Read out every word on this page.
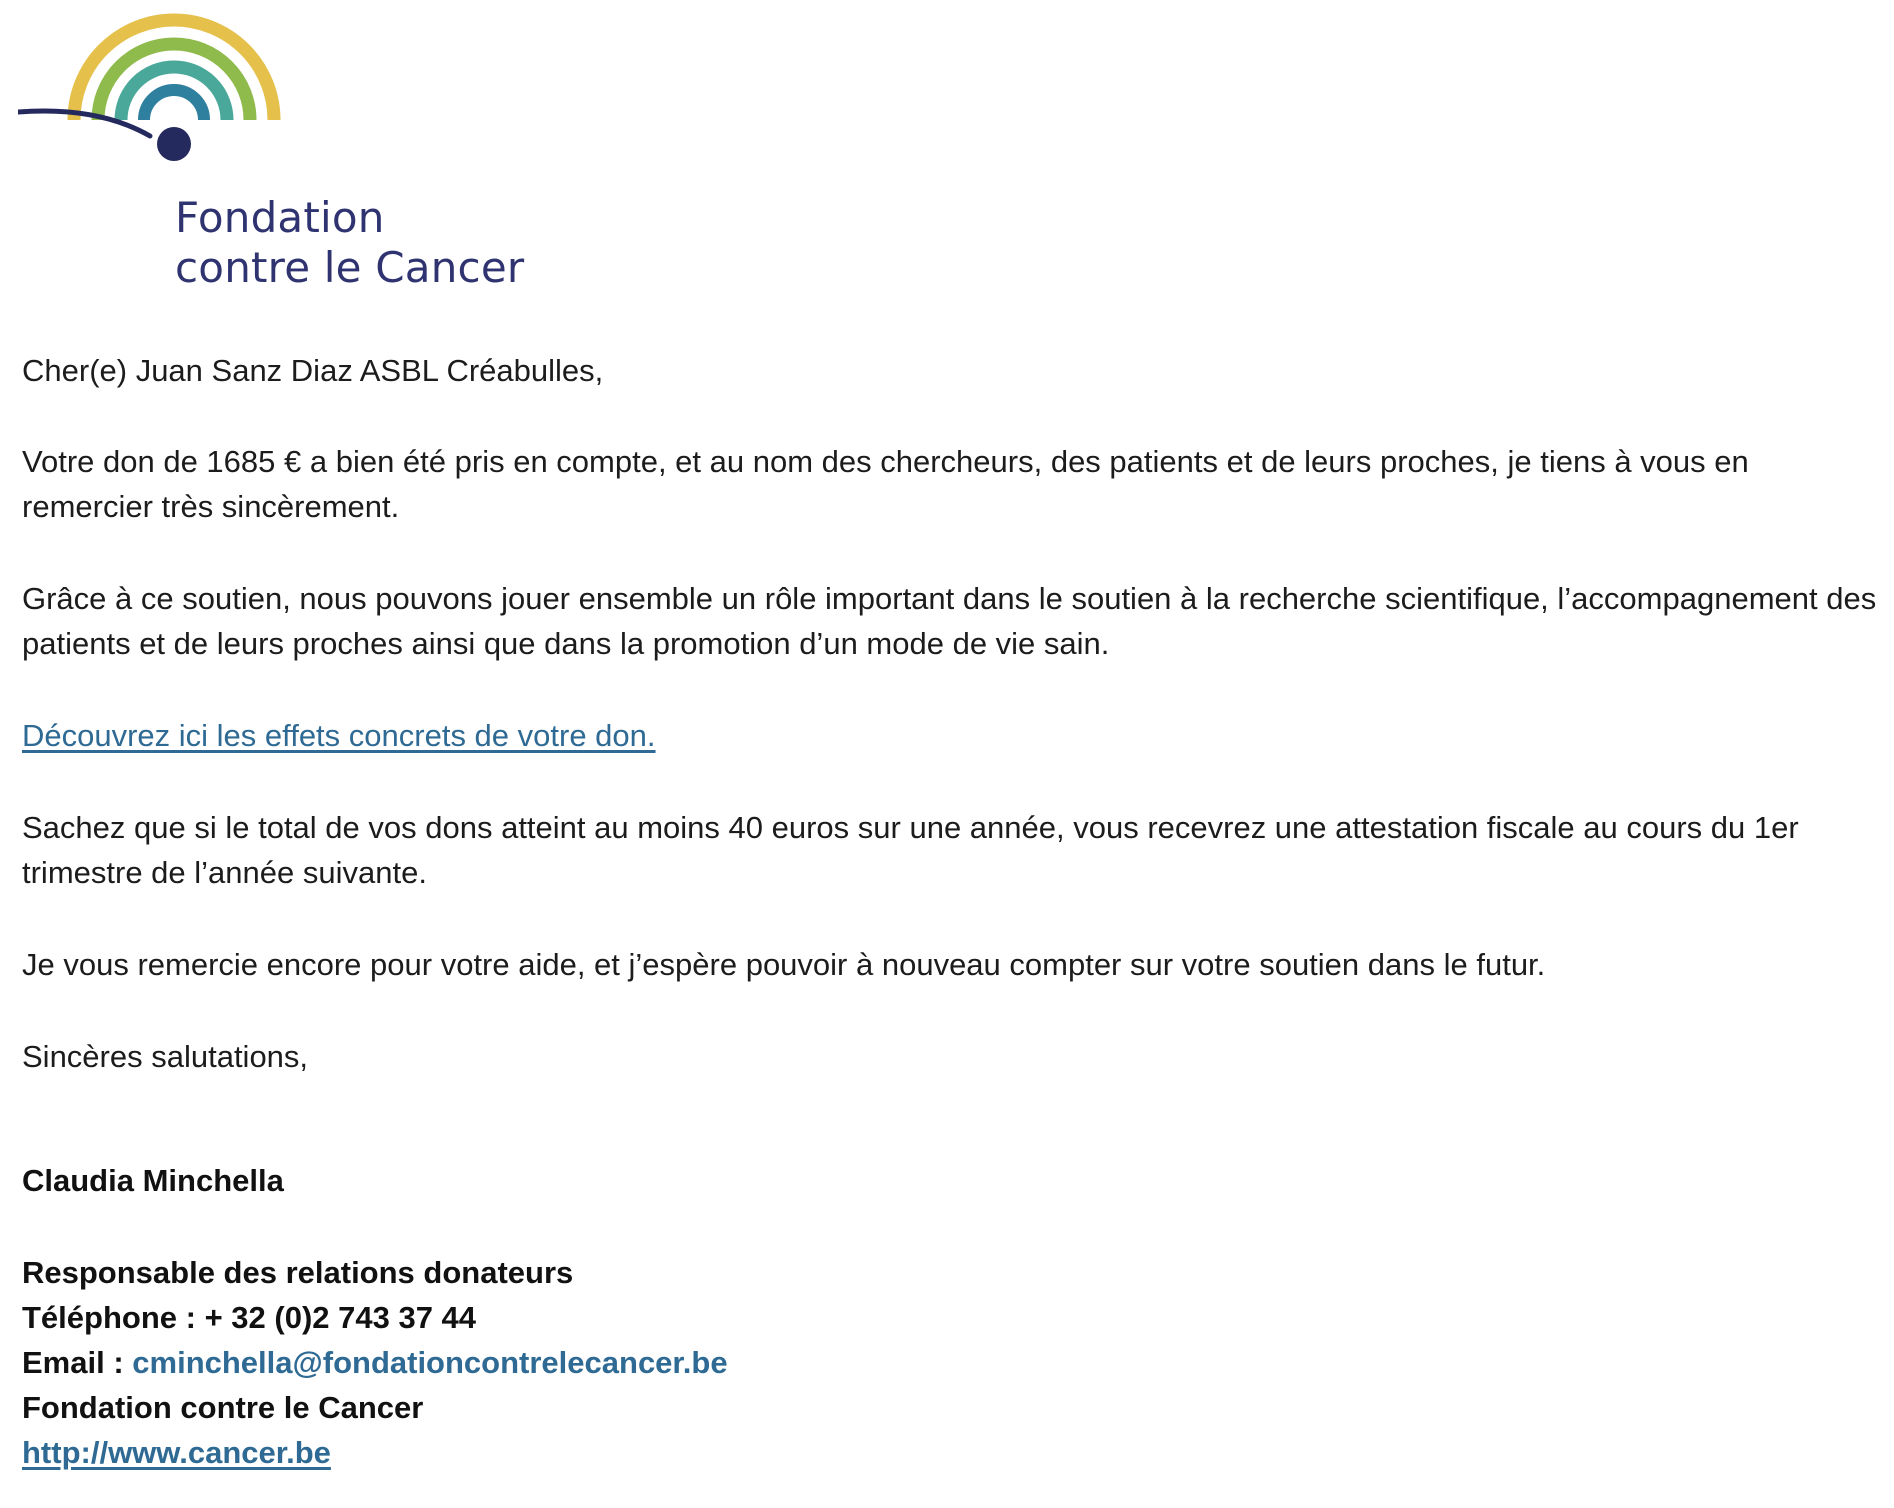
Fondation
contre le Cancer

Cher(e) Juan Sanz Diaz ASBL Créabulles,

Votre don de 1685 € a bien été pris en compte, et au nom des chercheurs, des patients et de leurs proches, je tiens à vous en remercier très sincèrement.

Grâce à ce soutien, nous pouvons jouer ensemble un rôle important dans le soutien à la recherche scientifique, l’accompagnement des patients et de leurs proches ainsi que dans la promotion d’un mode de vie sain.

Découvrez ici les effets concrets de votre don.

Sachez que si le total de vos dons atteint au moins 40 euros sur une année, vous recevrez une attestation fiscale au cours du 1er trimestre de l’année suivante.

Je vous remercie encore pour votre aide, et j’espère pouvoir à nouveau compter sur votre soutien dans le futur.

Sincères salutations,

Claudia Minchella

Responsable des relations donateurs

Téléphone : + 32 (0)2 743 37 44

Email : cminchella@fondationcontrelecancer.be

Fondation contre le Cancer

http://www.cancer.be
